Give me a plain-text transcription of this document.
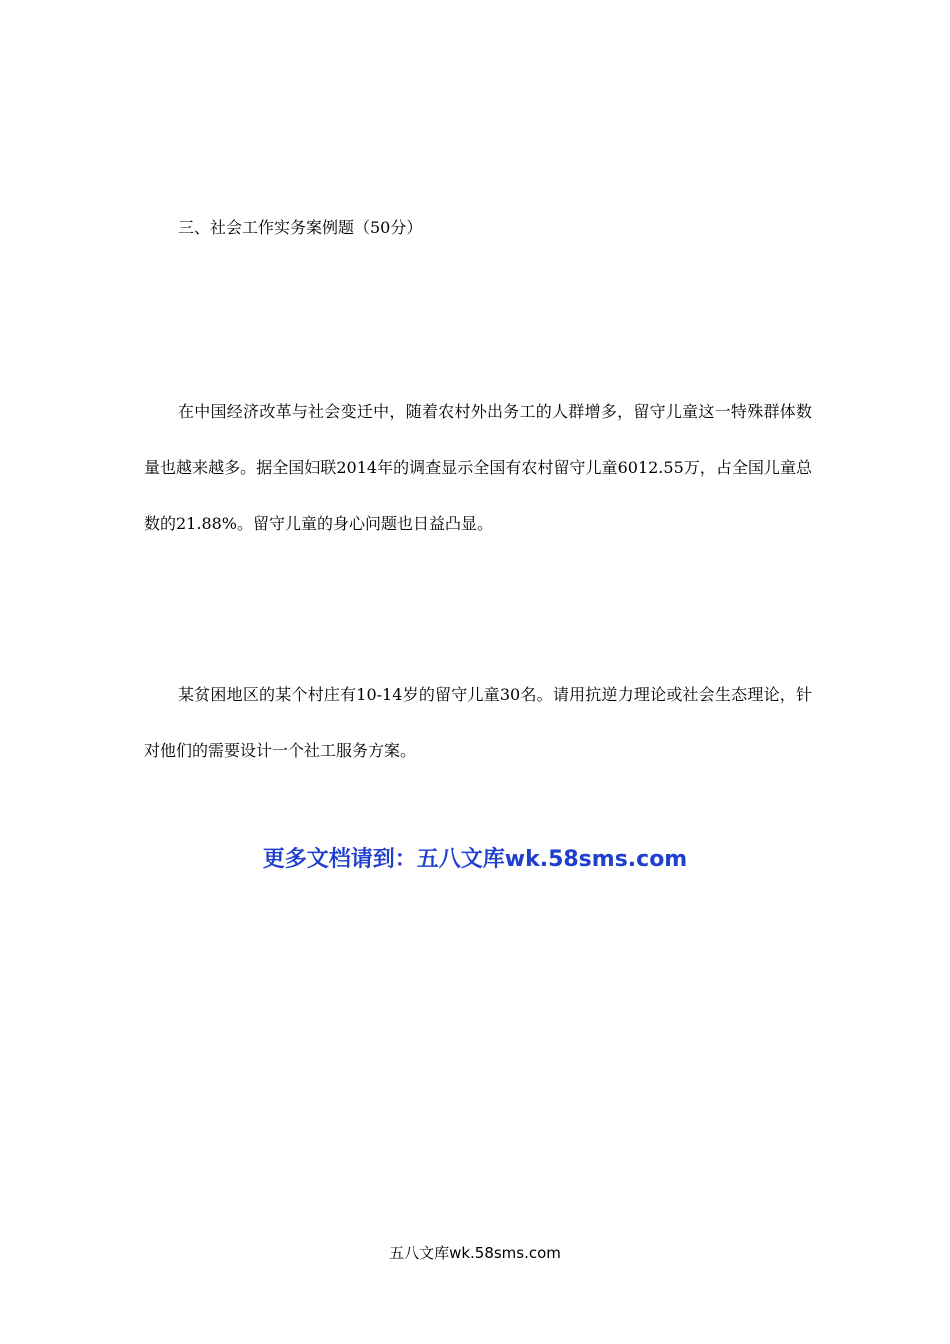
三、社会工作实务案例题（50分）

在中国经济改革与社会变迁中，随着农村外出务工的人群增多，留守儿童这一特殊群体数量也越来越多。据全国妇联2014年的调查显示全国有农村留守儿童6012.55万，占全国儿童总数的21.88%。留守儿童的身心问题也日益凸显。

某贫困地区的某个村庄有10-14岁的留守儿童30名。请用抗逆力理论或社会生态理论，针对他们的需要设计一个社工服务方案。

更多文档请到：五八文库wk.58sms.com
五八文库wk.58sms.com
